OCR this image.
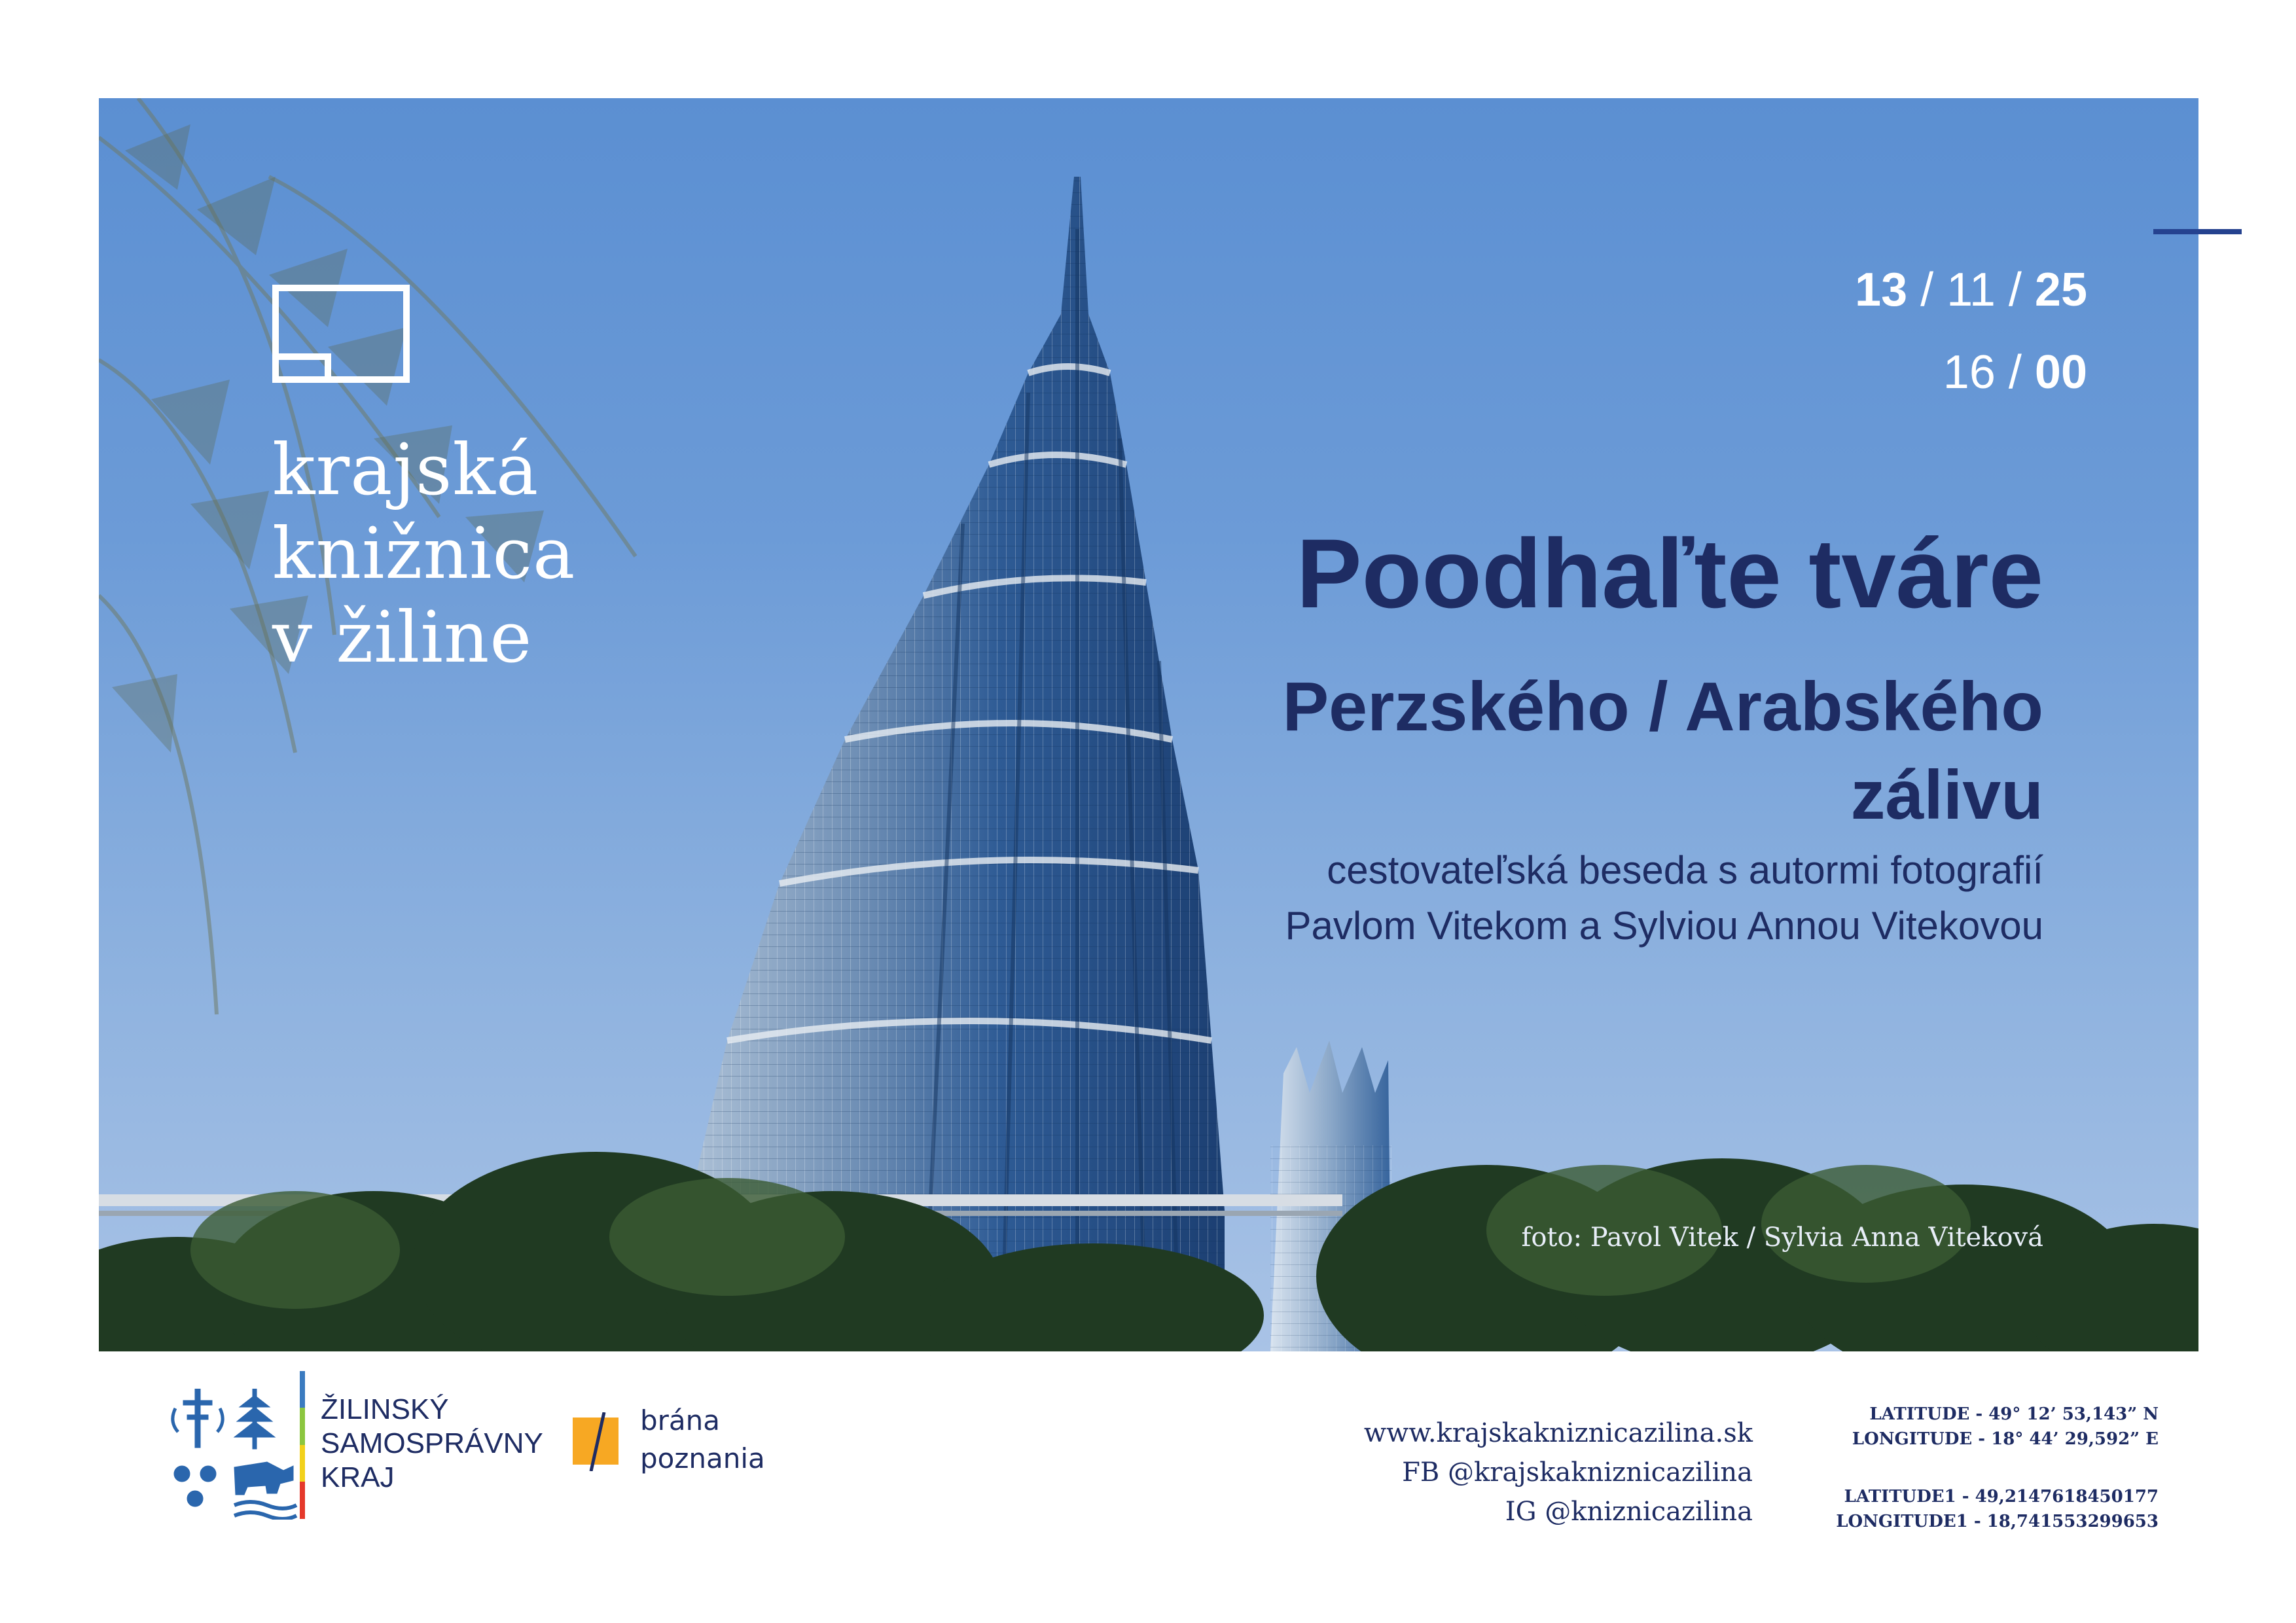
krajská
knižnica
v žiline
13 / 11 / 25
16 / 00
Poodhaľte tváre
Perzského / Arabského
zálivu
cestovateľská beseda s autormi fotografií
Pavlom Vitekom a Sylviou Annou Vitekovou
foto: Pavol Vitek / Sylvia Anna Viteková
ŽILINSKÝ
SAMOSPRÁVNY
KRAJ
brána
poznania
www.krajskakniznicazilina.sk
FB @krajskakniznicazilina
IG @kniznicazilina
LATITUDE - 49° 12’ 53,143” N
LONGITUDE - 18° 44’ 29,592” E
LATITUDE1 - 49,2147618450177
LONGITUDE1 - 18,741553299653
